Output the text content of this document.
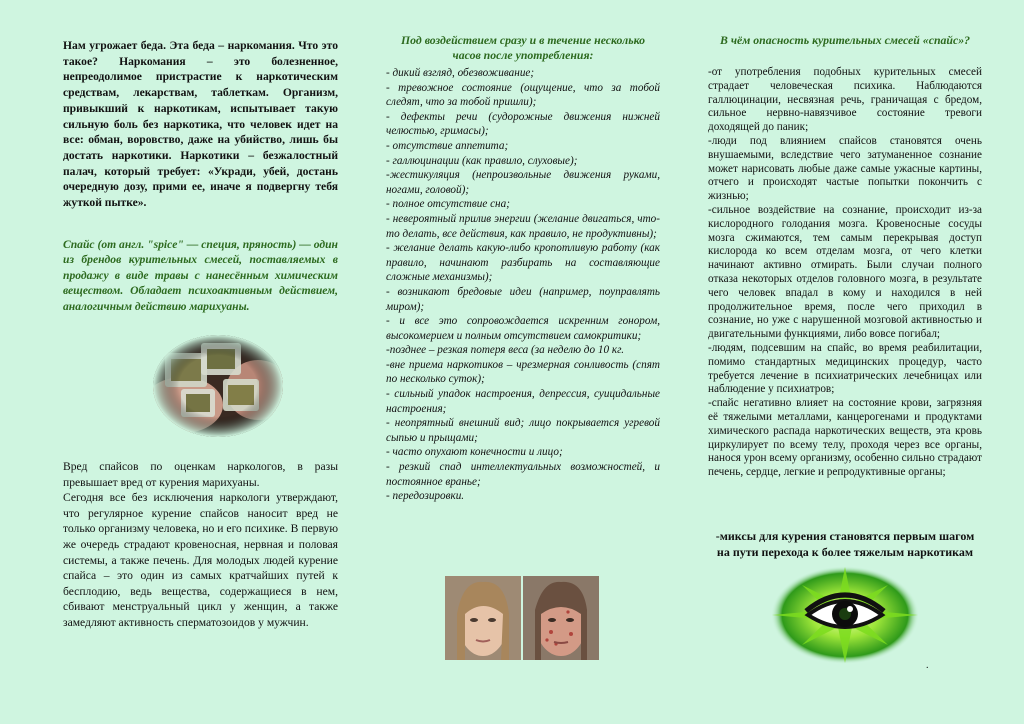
Нам угрожает беда. Эта беда – наркомания. Что это такое? Наркомания – это болезненное, непреодолимое пристрастие к наркотическим средствам, лекарствам, таблеткам. Организм, привыкший к наркотикам, испытывает такую сильную боль без наркотика, что человек идет на все: обман, воровство, даже на убийство, лишь бы достать наркотики. Наркотики – безжалостный палач, который требует: «Укради, убей, достань очередную дозу, прими ее, иначе я подвергну тебя жуткой пытке».

Спайс (от англ. "spice" — специя, пряность) — один из брендов курительных смесей, поставляемых в продажу в виде травы с нанесённым химическим веществом. Обладает психоактивным действием, аналогичным действию марихуаны.

Вред спайсов по оценкам наркологов, в разы превышает вред от курения марихуаны.

Сегодня все без исключения наркологи утверждают, что регулярное курение спайсов наносит вред не только организму человека, но и его психике. В первую же очередь страдают кровеносная, нервная и половая системы, а также печень. Для молодых людей курение спайса – это один из самых кратчайших путей к бесплодию, ведь вещества, содержащиеся в нем, сбивают менструальный цикл у женщин, а также замедляют активность сперматозоидов у мужчин.

Под воздействием сразу и в течение несколько часов после употребления:
- дикий взгляд, обезвоживание;
- тревожное состояние (ощущение, что за тобой следят, что за тобой пришли);
- дефекты речи (судорожные движения нижней челюстью, гримасы);
- отсутствие аппетита;
- галлюцинации (как правило, слуховые);
-жестикуляция (непроизвольные движения руками, ногами, головой);
- полное отсутствие сна;
- невероятный прилив энергии (желание двигаться, что-то делать, все действия, как правило, не продуктивны);
- желание делать какую-либо кропотливую работу (как правило, начинают разбирать на составляющие сложные механизмы);
- возникают бредовые идеи (например, поуправлять миром);
- и все это сопровождается искренним гонором, высокомерием и полным отсутствием самокритики;
-позднее – резкая потеря веса (за неделю до 10 кг.
-вне приема наркотиков – чрезмерная сонливость (спят по несколько суток);
- сильный упадок настроения, депрессия, суицидальные настроения;
- неопрятный внешний вид; лицо покрывается угревой сыпью и прыщами;
- часто опухают конечности и лицо;
- резкий спад интеллектуальных возможностей, и постоянное вранье;
- передозировки.
В чём опасность курительных смесей «спайс»?
-от употребления подобных курительных смесей страдает человеческая психика. Наблюдаются галлюцинации, несвязная речь, граничащая с бредом, сильное нервно-навязчивое состояние тревоги доходящей до паник;
-люди под влиянием спайсов становятся очень внушаемыми, вследствие чего затуманенное сознание может нарисовать любые даже самые ужасные картины, отчего и происходят частые попытки покончить с жизнью;
-сильное воздействие на сознание, происходит из-за кислородного голодания мозга. Кровеносные сосуды мозга сжимаются, тем самым перекрывая доступ кислорода ко всем отделам мозга, от чего клетки начинают активно отмирать. Были случаи полного отказа некоторых отделов головного мозга, в результате чего человек впадал в кому и находился в ней продолжительное время, после чего приходил в сознание, но уже с нарушенной мозговой активностью и двигательными функциями, либо вовсе погибал;
-людям, подсевшим на спайс, во время реабилитации, помимо стандартных медицинских процедур, часто требуется лечение в психиатрических лечебницах или наблюдение у психиатров;
-спайс негативно влияет на состояние крови, загрязняя её тяжелыми металлами, канцерогенами и продуктами химического распада наркотических веществ, эта кровь циркулирует по всему телу, проходя через все органы, нанося урон всему организму, особенно сильно страдают печень, сердце, легкие и репродуктивные органы;
-миксы для курения становятся первым шагом на пути перехода к более тяжелым наркотикам
.
